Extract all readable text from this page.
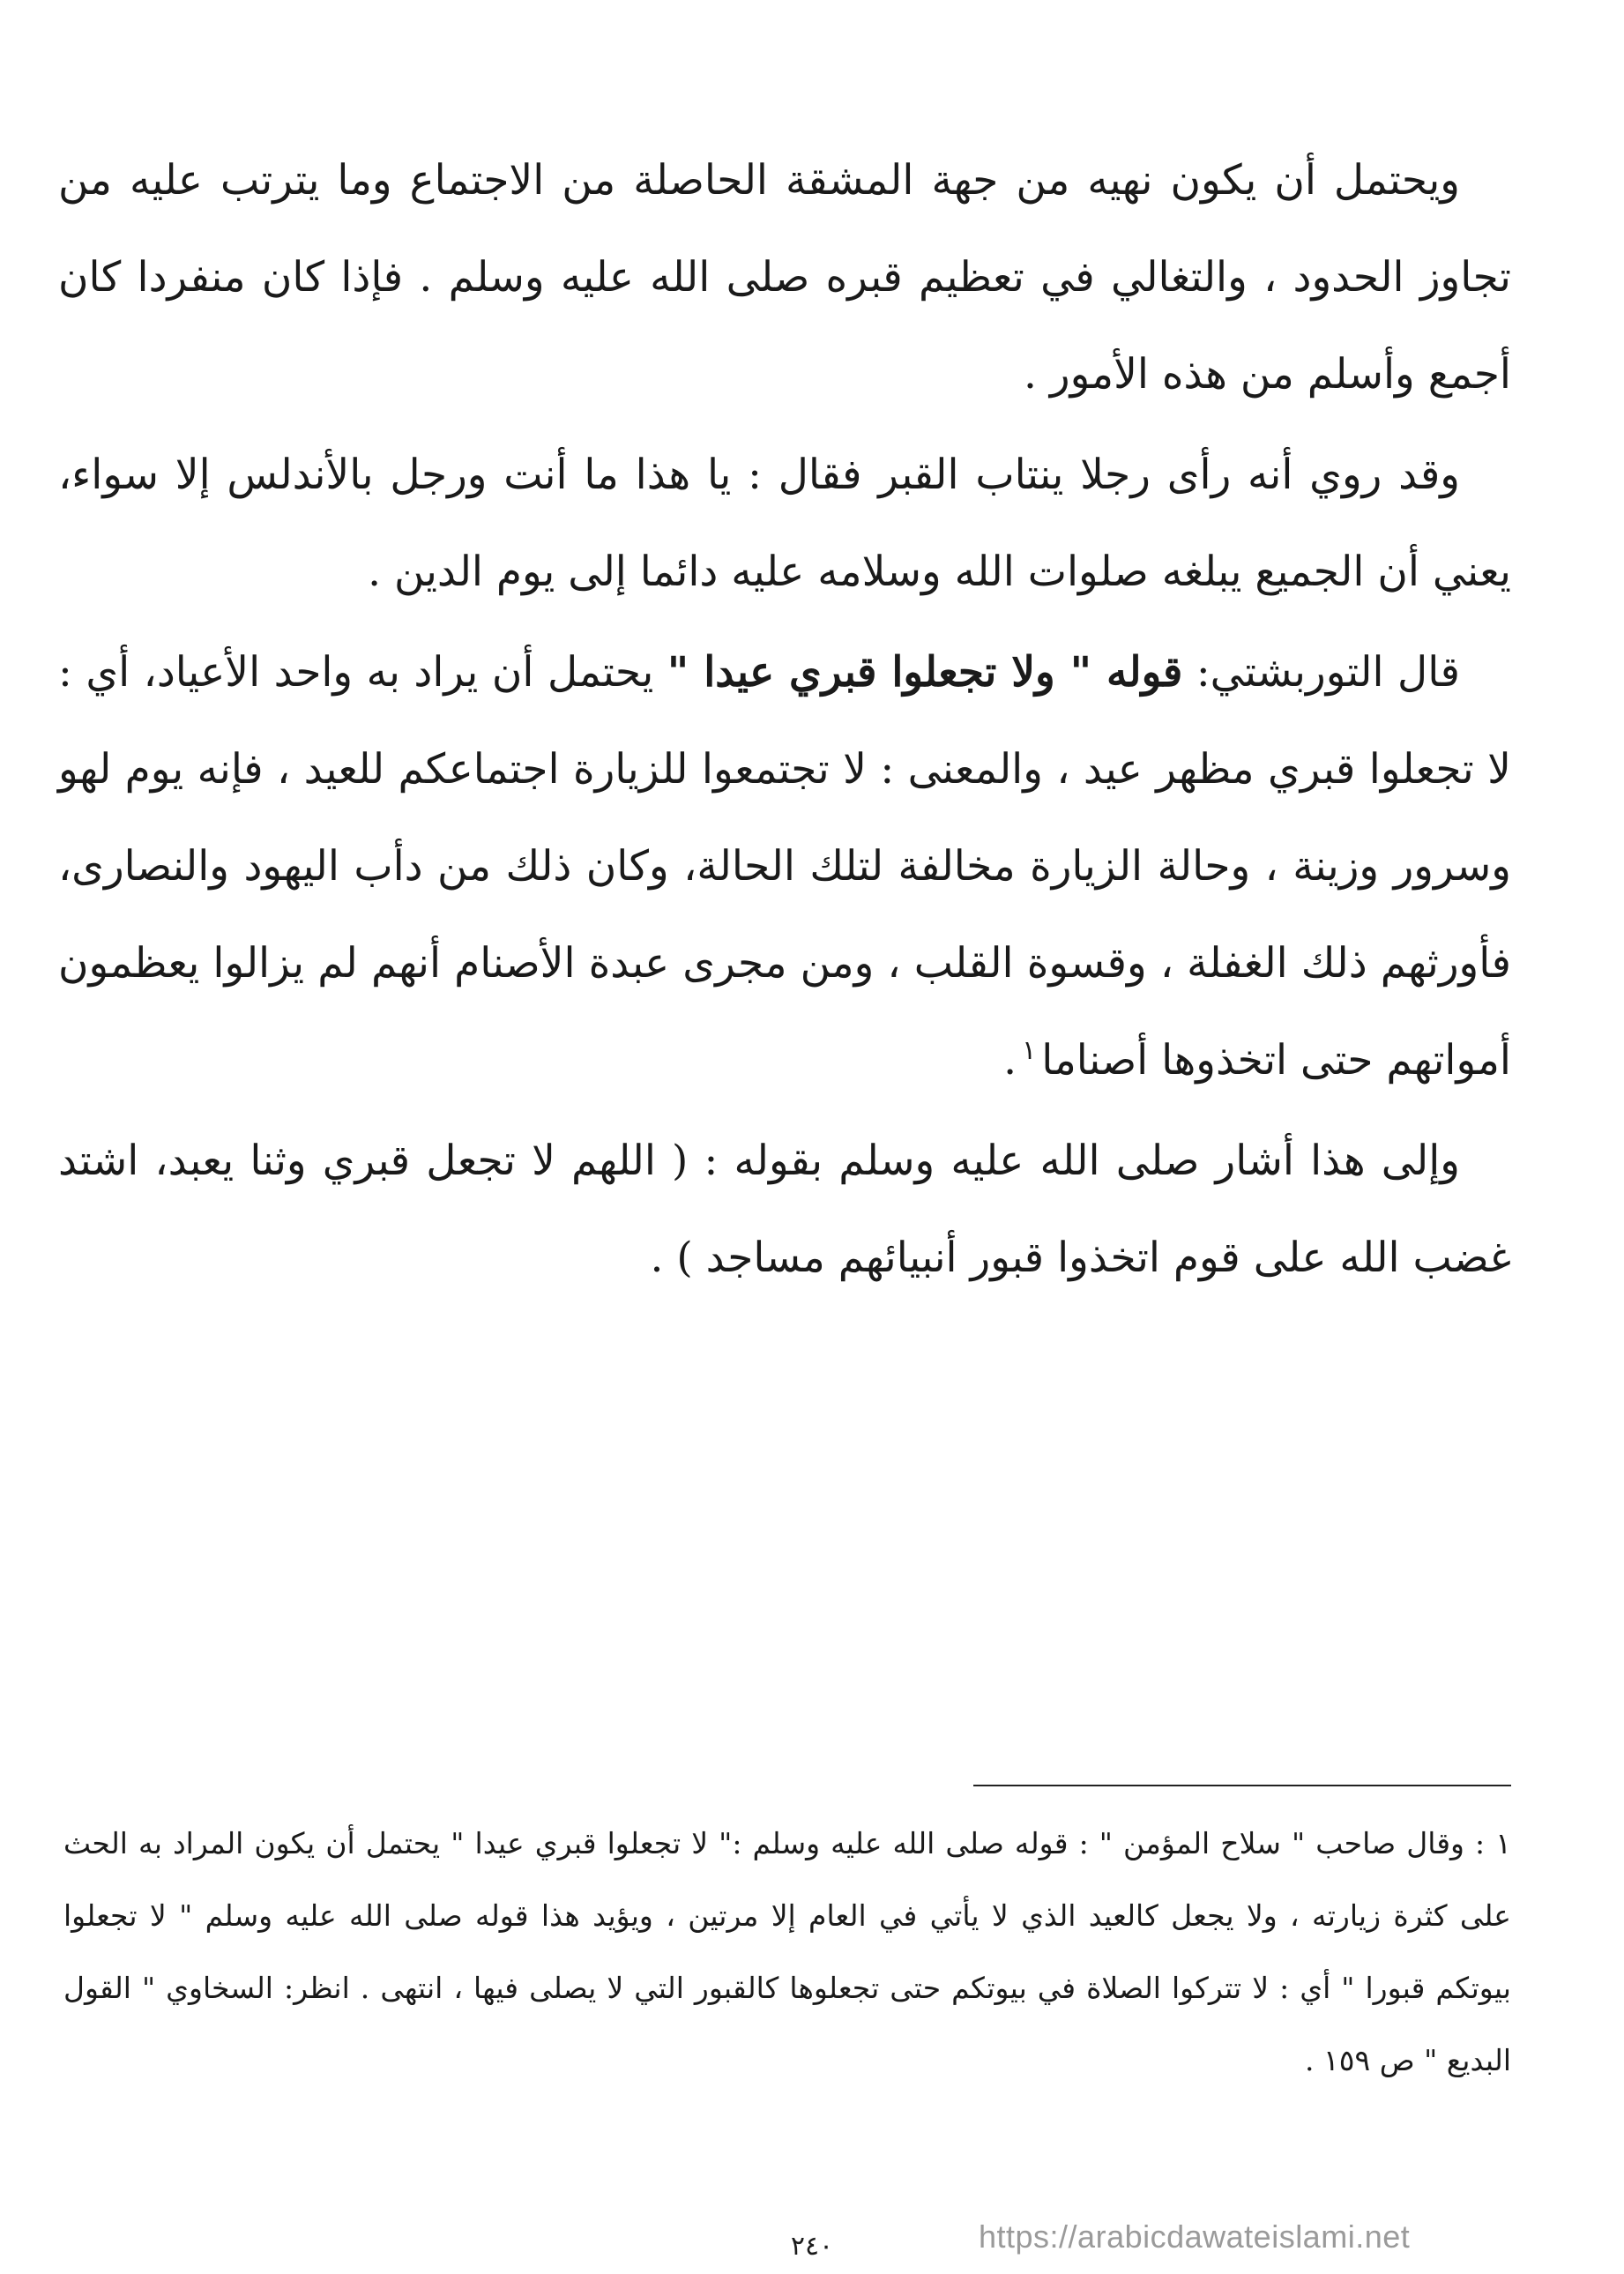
ويحتمل أن يكون نهيه من جهة المشقة الحاصلة من الاجتماع وما يترتب عليه من تجاوز الحدود ، والتغالي في تعظيم قبره صلى الله عليه وسلم . فإذا كان منفردا كان أجمع وأسلم من هذه الأمور .

وقد روي أنه رأى رجلا ينتاب القبر فقال : يا هذا ما أنت ورجل بالأندلس إلا سواء، يعني أن الجميع يبلغه صلوات الله وسلامه عليه دائما إلى يوم الدين .

قال التوربشتي: قوله " ولا تجعلوا قبري عيدا " يحتمل أن يراد به واحد الأعياد، أي : لا تجعلوا قبري مظهر عيد ، والمعنى : لا تجتمعوا للزيارة اجتماعكم للعيد ، فإنه يوم لهو وسرور وزينة ، وحالة الزيارة مخالفة لتلك الحالة، وكان ذلك من دأب اليهود والنصارى، فأورثهم ذلك الغفلة ، وقسوة القلب ، ومن مجرى عبدة الأصنام أنهم لم يزالوا يعظمون أمواتهم حتى اتخذوها أصناما$^١$.

وإلى هذا أشار صلى الله عليه وسلم بقوله : ( اللهم لا تجعل قبري وثنا يعبد، اشتد غضب الله على قوم اتخذوا قبور أنبيائهم مساجد ) .

١ : وقال صاحب " سلاح المؤمن " : قوله صلى الله عليه وسلم :" لا تجعلوا قبري عيدا " يحتمل أن يكون المراد به الحث على كثرة زيارته ، ولا يجعل كالعيد الذي لا يأتي في العام إلا مرتين ، ويؤيد هذا قوله صلى الله عليه وسلم " لا تجعلوا بيوتكم قبورا " أي : لا تتركوا الصلاة في بيوتكم حتى تجعلوها كالقبور التي لا يصلى فيها ، انتهى . انظر: السخاوي " القول البديع " ص ١٥٩ .

٢٤٠	https://arabicdawateislami.net
